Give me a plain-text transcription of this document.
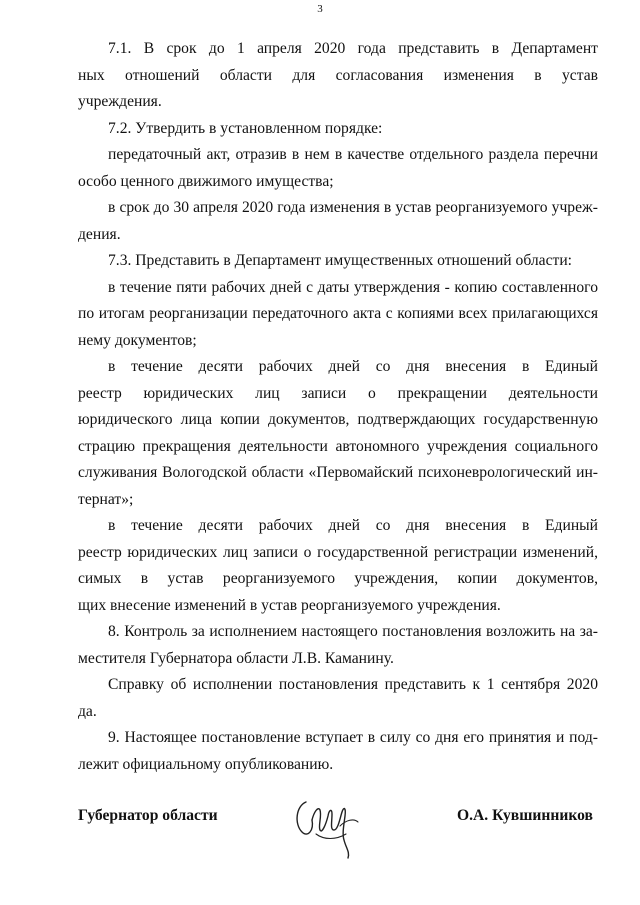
3
7.1. В срок до 1 апреля 2020 года представить в Департамент
ных отношений области для согласования изменения в устав
учреждения.
7.2. Утвердить в установленном порядке:
передаточный акт, отразив в нем в качестве отдельного раздела перечни
особо ценного движимого имущества;
в срок до 30 апреля 2020 года изменения в устав реорганизуемого учреж-
дения.
7.3. Представить в Департамент имущественных отношений области:
в течение пяти рабочих дней с даты утверждения - копию составленного
по итогам реорганизации передаточного акта с копиями всех прилагающихся
нему документов;
в течение десяти рабочих дней со дня внесения в Единый
реестр юридических лиц записи о прекращении деятельности
юридического лица копии документов, подтверждающих государственную
страцию прекращения деятельности автономного учреждения социального
служивания Вологодской области «Первомайский психоневрологический ин-
тернат»;
в течение десяти рабочих дней со дня внесения в Единый
реестр юридических лиц записи о государственной регистрации изменений,
симых в устав реорганизуемого учреждения, копии документов,
щих внесение изменений в устав реорганизуемого учреждения.
8. Контроль за исполнением настоящего постановления возложить на за-
местителя Губернатора области Л.В. Каманину.
Справку об исполнении постановления представить к 1 сентября 2020
да.
9. Настоящее постановление вступает в силу со дня его принятия и под-
лежит официальному опубликованию.
Губернатор области	О.А. Кувшинников
